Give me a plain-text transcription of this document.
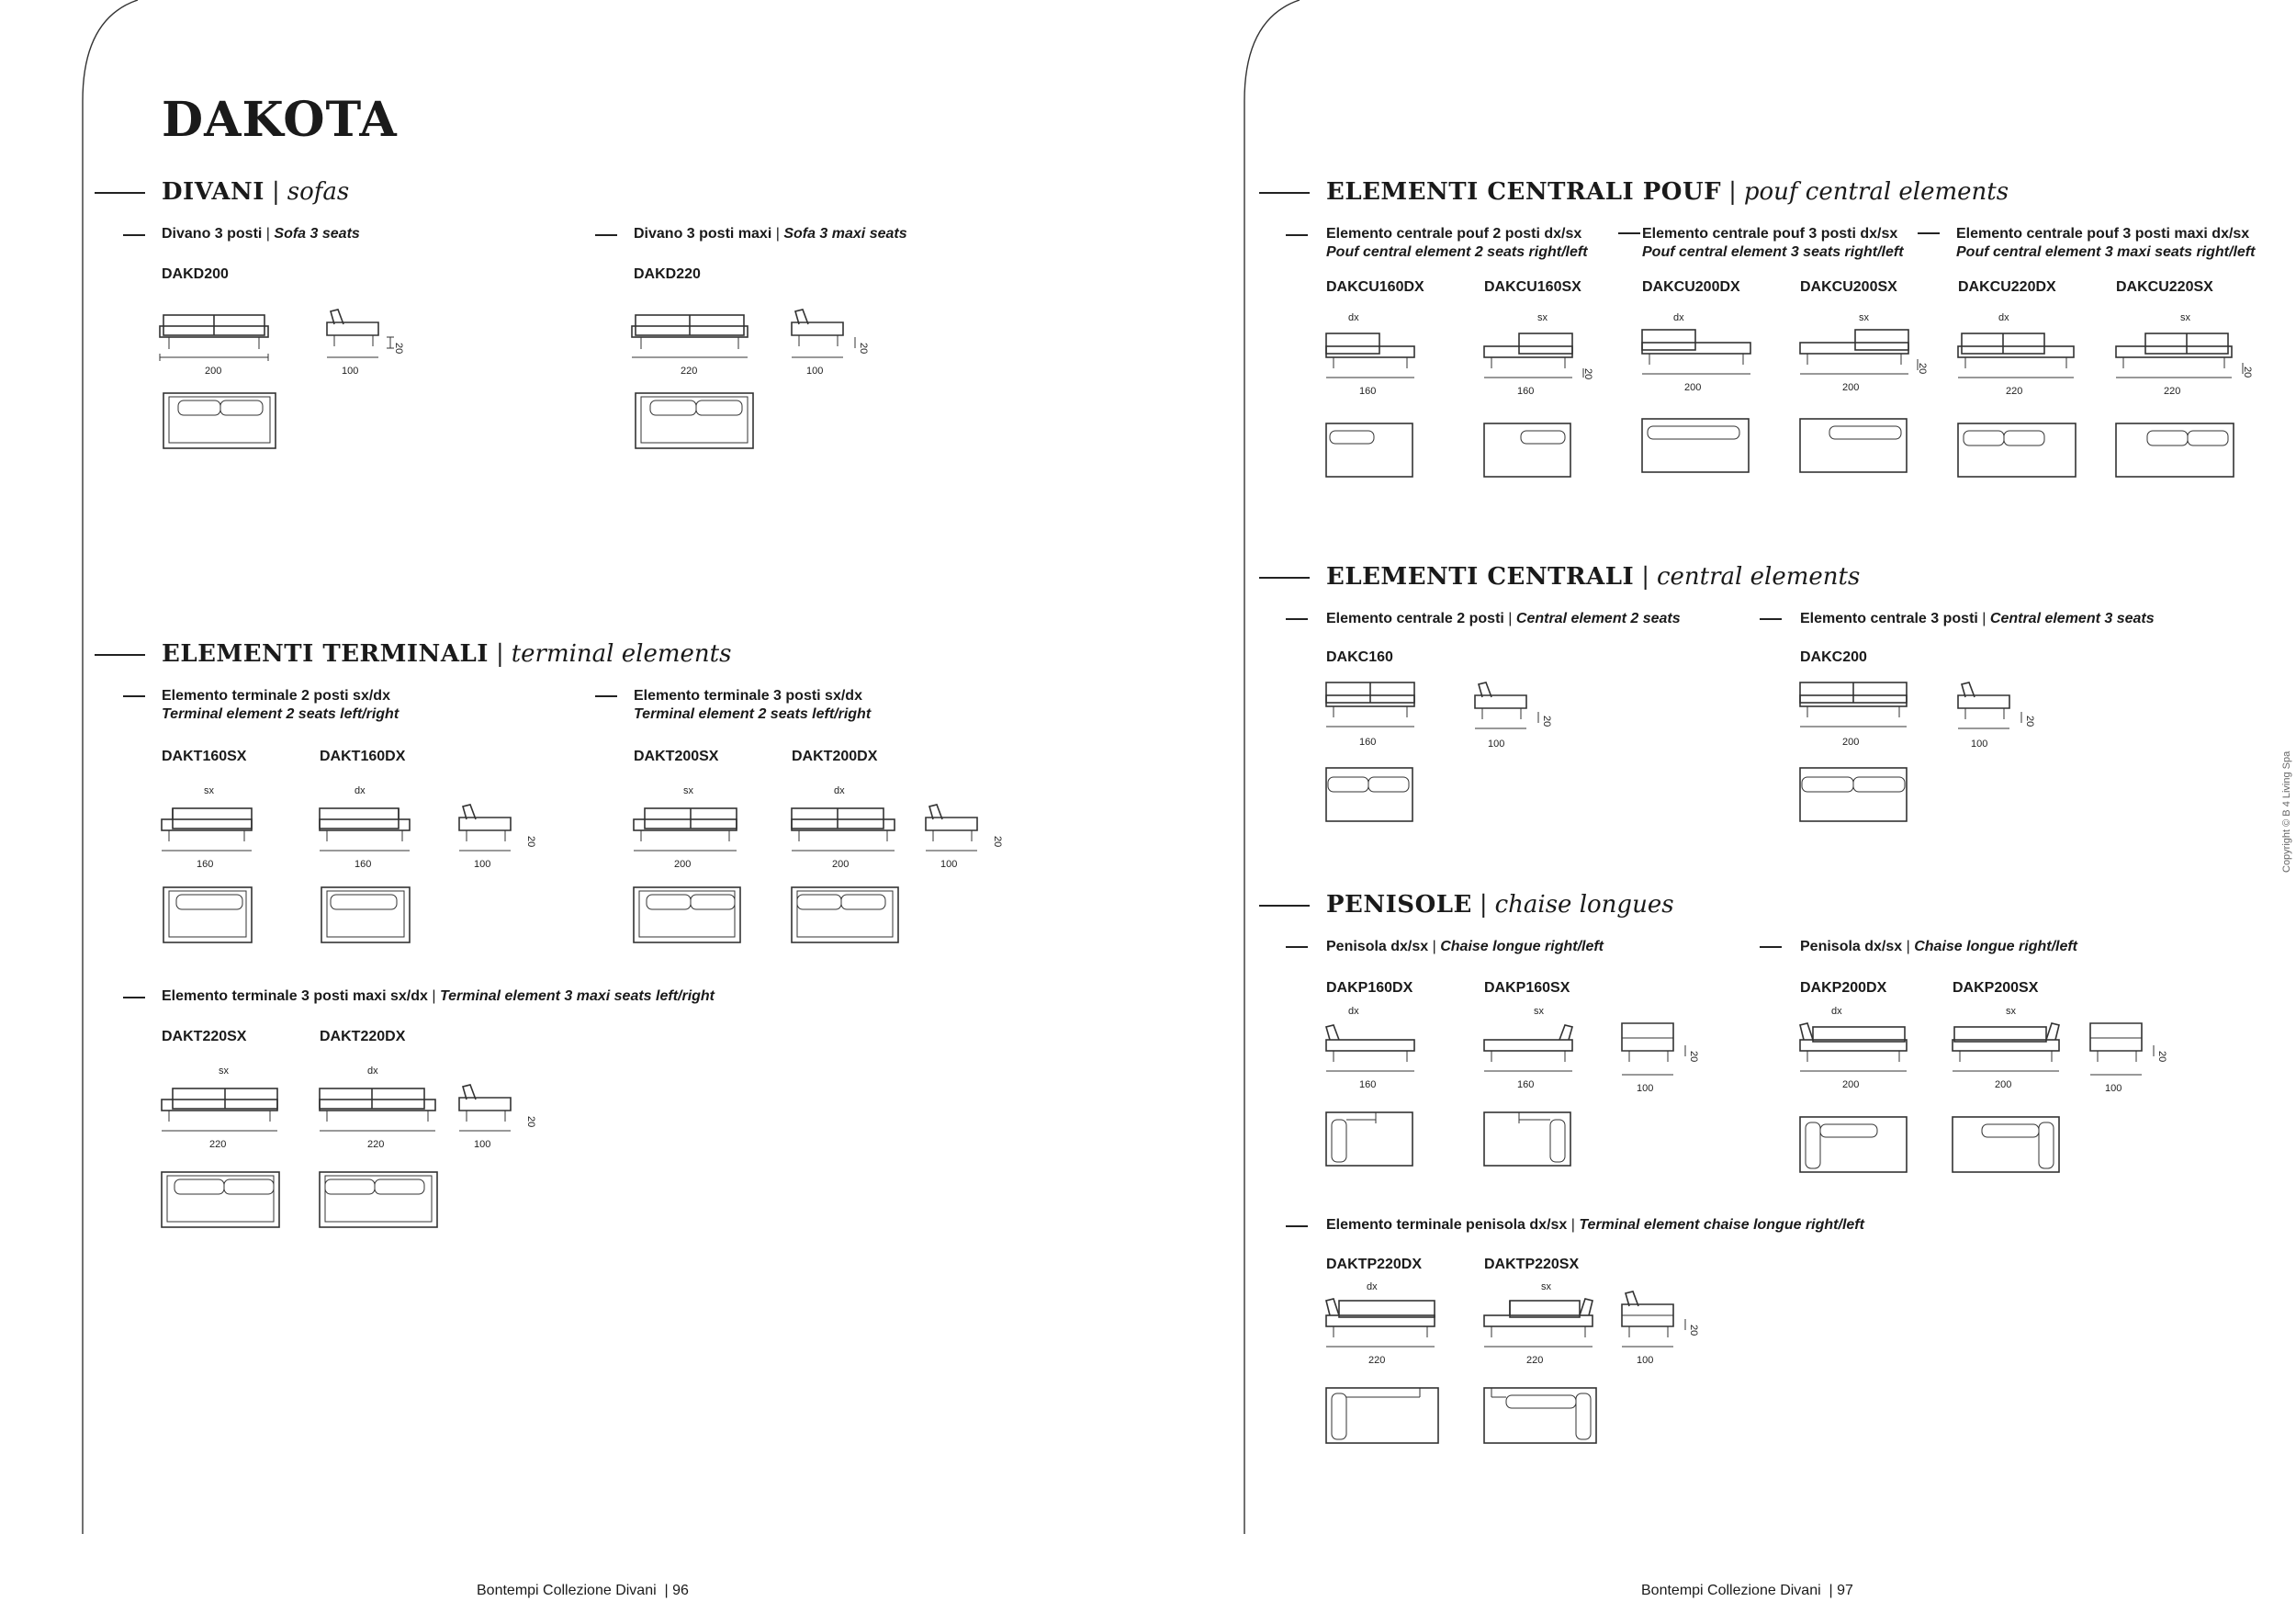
DAKOTA
DIVANI | sofas
Divano 3 posti | Sofa 3 seats
DAKD200
Divano 3 posti maxi | Sofa 3 maxi seats
DAKD220
ELEMENTI TERMINALI | terminal elements
Elemento terminale 2 posti sx/dx
Terminal element 2 seats left/right
DAKT160SX	DAKT160DX
Elemento terminale 3 posti sx/dx
Terminal element 2 seats left/right
DAKT200SX	DAKT200DX
Elemento terminale 3 posti maxi sx/dx | Terminal element 3 maxi seats left/right
DAKT220SX	DAKT220DX
ELEMENTI CENTRALI POUF | pouf central elements
Elemento centrale pouf 2 posti dx/sx
Pouf central element 2 seats right/left
Elemento centrale pouf 3 posti dx/sx
Pouf central element 3 seats right/left
Elemento centrale pouf 3 posti maxi dx/sx
Pouf central element 3 maxi seats right/left
DAKCU160DX	DAKCU160SX	DAKCU200DX	DAKCU200SX	DAKCU220DX	DAKCU220SX
ELEMENTI CENTRALI | central elements
Elemento centrale 2 posti | Central element 2 seats
DAKC160
Elemento centrale 3 posti | Central element 3 seats
DAKC200
PENISOLE | chaise longues
Penisola dx/sx | Chaise longue right/left
DAKP160DX	DAKP160SX
Penisola dx/sx | Chaise longue right/left
DAKP200DX	DAKP200SX
Elemento terminale penisola dx/sx | Terminal element chaise longue right/left
DAKTP220DX	DAKTP220SX
Bontempi Collezione Divani  | 96	Bontempi Collezione Divani  | 97
Copyright © B 4 Living Spa
200	100
20
220	100
20
sx
160
dx
160	100
20
sx
200
dx
200	100
20
sx
220
dx
220	100
20
dx
160
sx
160
20
dx
200
sx
200
20
dx
220
sx
220
20
160	100
20
200	100
20
dx
160
sx
160	100
20
dx
200
sx
200	100
20
dx
220
sx
220	100
20
